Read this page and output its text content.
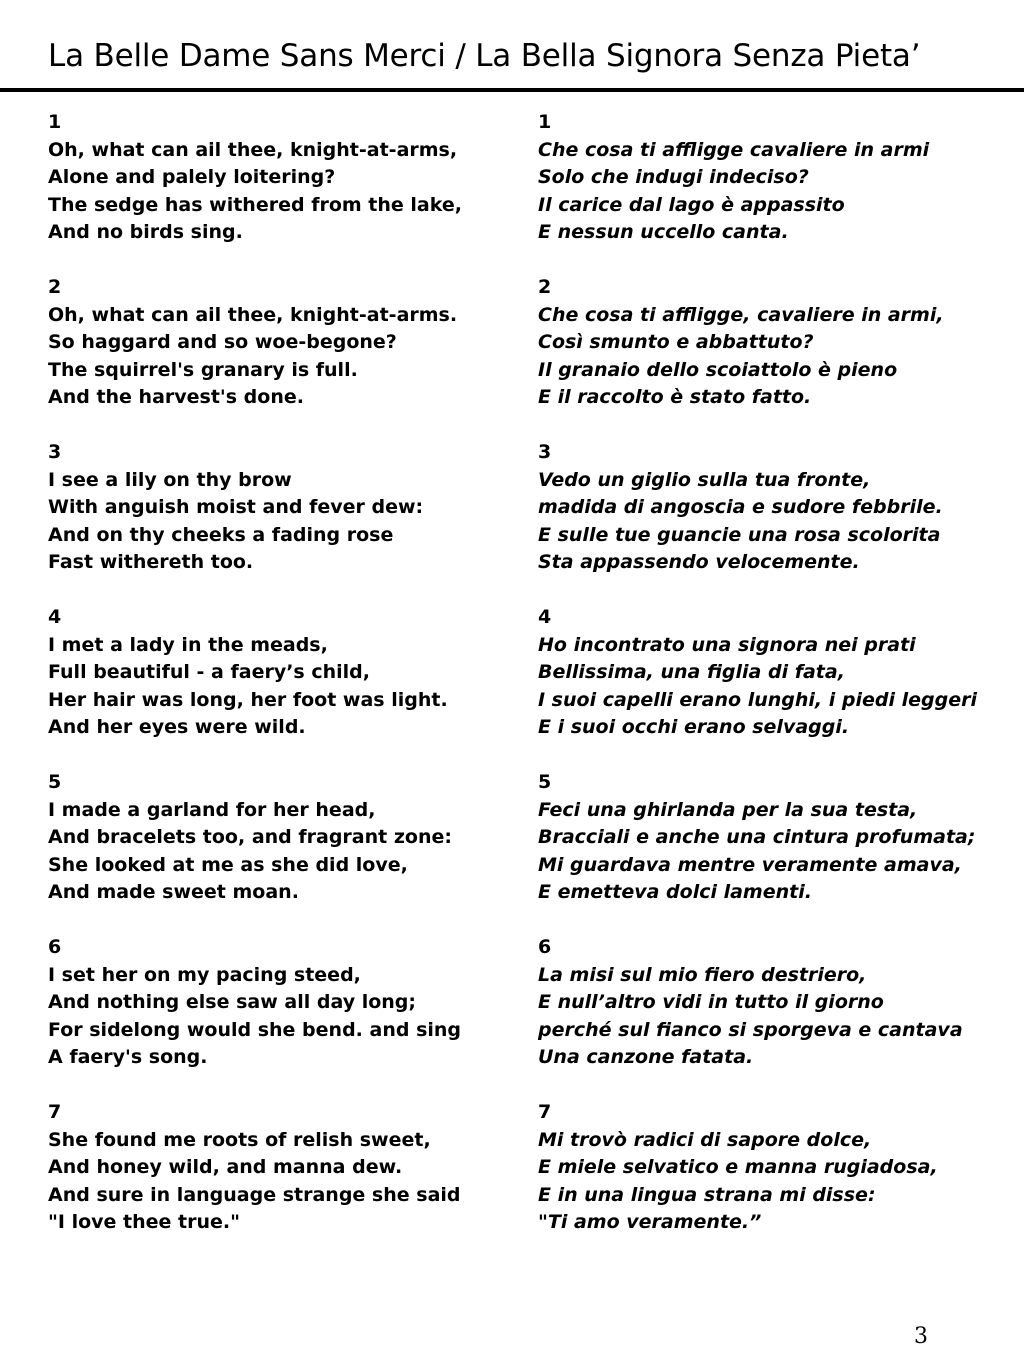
La Belle Dame Sans Merci / La Bella Signora Senza Pieta’
1
Oh, what can ail thee, knight-at-arms,
Alone and palely loitering?
The sedge has withered from the lake,
And no birds sing.
2
Oh, what can ail thee, knight-at-arms.
So haggard and so woe-begone?
The squirrel's granary is full.
And the harvest's done.
3
I see a lily on thy brow
With anguish moist and fever dew:
And on thy cheeks a fading rose
Fast withereth too.
4
I met a lady in the meads,
Full beautiful - a faery’s child,
Her hair was long, her foot was light.
And her eyes were wild.
5
I made a garland for her head,
And bracelets too, and fragrant zone:
She looked at me as she did love,
And made sweet moan.
6
I set her on my pacing steed,
And nothing else saw all day long;
For sidelong would she bend. and sing
A faery's song.
7
She found me roots of relish sweet,
And honey wild, and manna dew.
And sure in language strange she said
"I love thee true."
1
Che cosa ti affligge cavaliere in armi
Solo che indugi indeciso?
Il carice dal lago è appassito
E nessun uccello canta.
2
Che cosa ti affligge, cavaliere in armi,
Così smunto e abbattuto?
Il granaio dello scoiattolo è pieno
E il raccolto è stato fatto.
3
Vedo un giglio sulla tua fronte,
madida di angoscia e sudore febbrile.
E sulle tue guancie una rosa scolorita
Sta appassendo velocemente.
4
Ho incontrato una signora nei prati
Bellissima, una figlia di fata,
I suoi capelli erano lunghi, i piedi leggeri
E i suoi occhi erano selvaggi.
5
Feci una ghirlanda per la sua testa,
Bracciali e anche una cintura profumata;
Mi guardava mentre veramente amava,
E emetteva dolci lamenti.
6
La misi sul mio fiero destriero,
E null’altro vidi in tutto il giorno
perché sul fianco si sporgeva e cantava
Una canzone fatata.
7
Mi trovò radici di sapore dolce,
E miele selvatico e manna rugiadosa,
E in una lingua strana mi disse:
"Ti amo veramente.”
3
